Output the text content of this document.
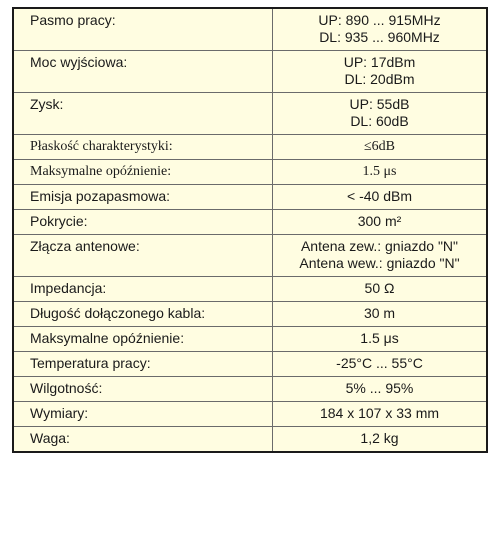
Pasmo pracy:	UP: 890 ... 915MHz
DL: 935 ... 960MHz

Moc wyjściowa:	UP: 17dBm
DL: 20dBm

Zysk:	UP: 55dB
DL: 60dB

Płaskość charakterystyki:	≤6dB

Maksymalne opóźnienie:	1.5 μs

Emisja pozapasmowa:	< -40 dBm

Pokrycie:	300 m²

Złącza antenowe:	Antena zew.: gniazdo "N"
Antena wew.: gniazdo "N"

Impedancja:	50 Ω

Długość dołączonego kabla:	30 m

Maksymalne opóźnienie:	1.5 μs

Temperatura pracy:	-25°C ... 55°C

Wilgotność:	5% ... 95%

Wymiary:	184 x 107 x 33 mm

Waga:	1,2 kg
